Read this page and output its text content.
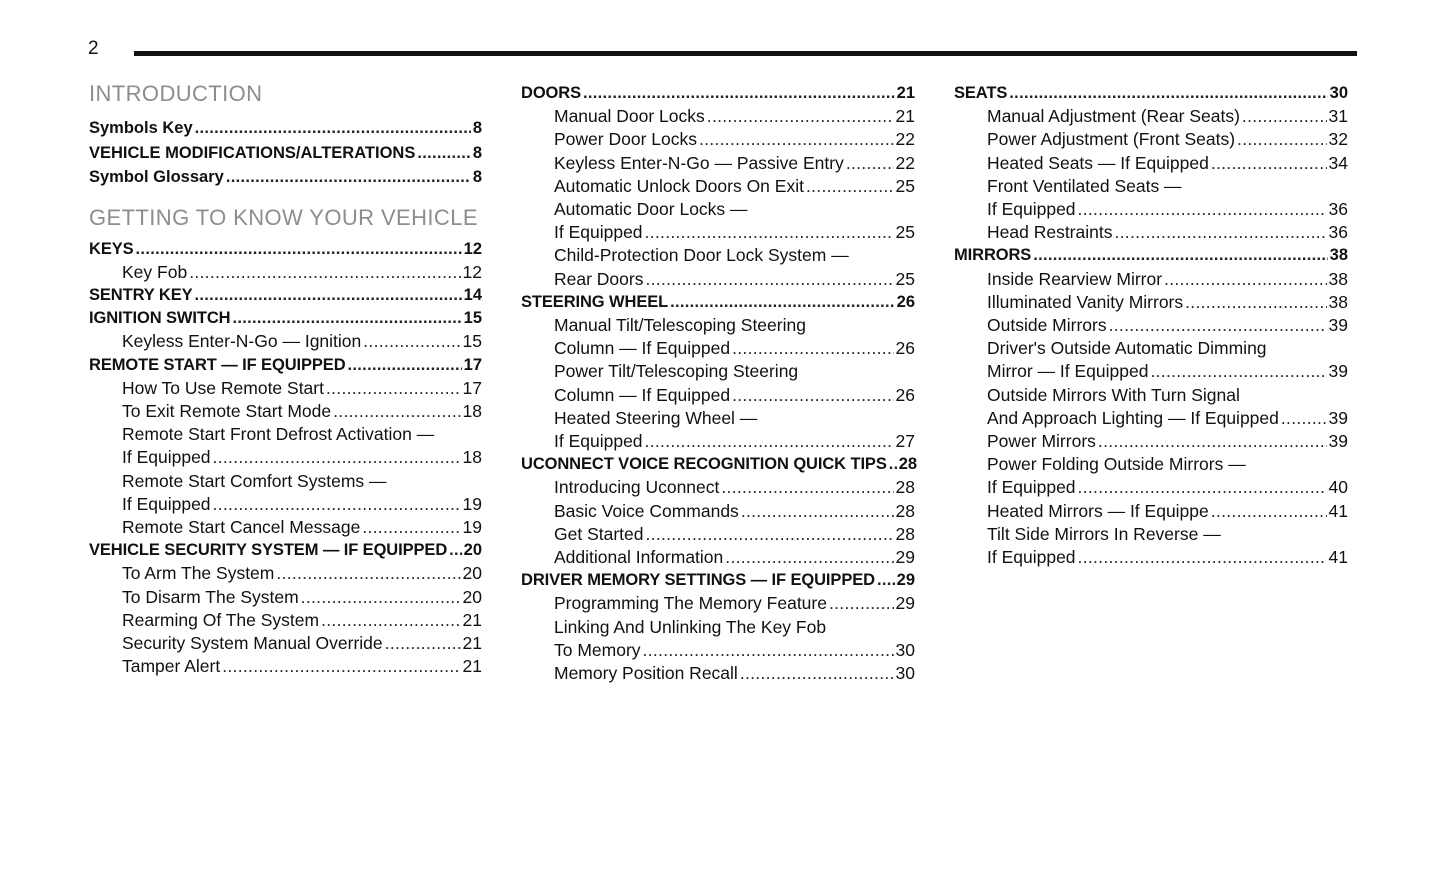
2
INTRODUCTION
Symbols Key .....	8
VEHICLE MODIFICATIONS/ALTERATIONS .....	8
Symbol Glossary .....	8
GETTING TO KNOW YOUR VEHICLE
KEYS .....	12
Key Fob .....	12
SENTRY KEY .....	14
IGNITION SWITCH .....	15
Keyless Enter-N-Go — Ignition .....	15
REMOTE START — IF EQUIPPED .....	17
How To Use Remote Start .....	17
To Exit Remote Start Mode .....	18
Remote Start Front Defrost Activation —
If Equipped .....	18
Remote Start Comfort Systems —
If Equipped .....	19
Remote Start Cancel Message .....	19
VEHICLE SECURITY SYSTEM — IF EQUIPPED ..... 20
To Arm The System .....	20
To Disarm The System .....	20
Rearming Of The System .....	21
Security System Manual Override .....	21
Tamper Alert .....	21
DOORS .....	21
Manual Door Locks .....	21
Power Door Locks .....	22
Keyless Enter-N-Go — Passive Entry .....	22
Automatic Unlock Doors On Exit .....	25
Automatic Door Locks —
If Equipped .....	25
Child-Protection Door Lock System —
Rear Doors .....	25
STEERING WHEEL .....	26
Manual Tilt/Telescoping Steering
Column — If Equipped .....	26
Power Tilt/Telescoping Steering
Column — If Equipped .....	26
Heated Steering Wheel —
If Equipped .....	27
UCONNECT VOICE RECOGNITION QUICK TIPS ..... 28
Introducing Uconnect .....	28
Basic Voice Commands .....	28
Get Started .....	28
Additional Information .....	29
DRIVER MEMORY SETTINGS — IF EQUIPPED ..... 29
Programming The Memory Feature .....	29
Linking And Unlinking The Key Fob
To Memory .....	30
Memory Position Recall .....	30
SEATS .....	30
Manual Adjustment (Rear Seats) .....	31
Power Adjustment (Front Seats) .....	32
Heated Seats — If Equipped .....	34
Front Ventilated Seats —
If Equipped .....	36
Head Restraints .....	36
MIRRORS .....	38
Inside Rearview Mirror .....	38
Illuminated Vanity Mirrors .....	38
Outside Mirrors .....	39
Driver's Outside Automatic Dimming
Mirror — If Equipped .....	39
Outside Mirrors With Turn Signal
And Approach Lighting — If Equipped .....	39
Power Mirrors .....	39
Power Folding Outside Mirrors —
If Equipped .....	40
Heated Mirrors — If Equippe .....	41
Tilt Side Mirrors In Reverse —
If Equipped .....	41
